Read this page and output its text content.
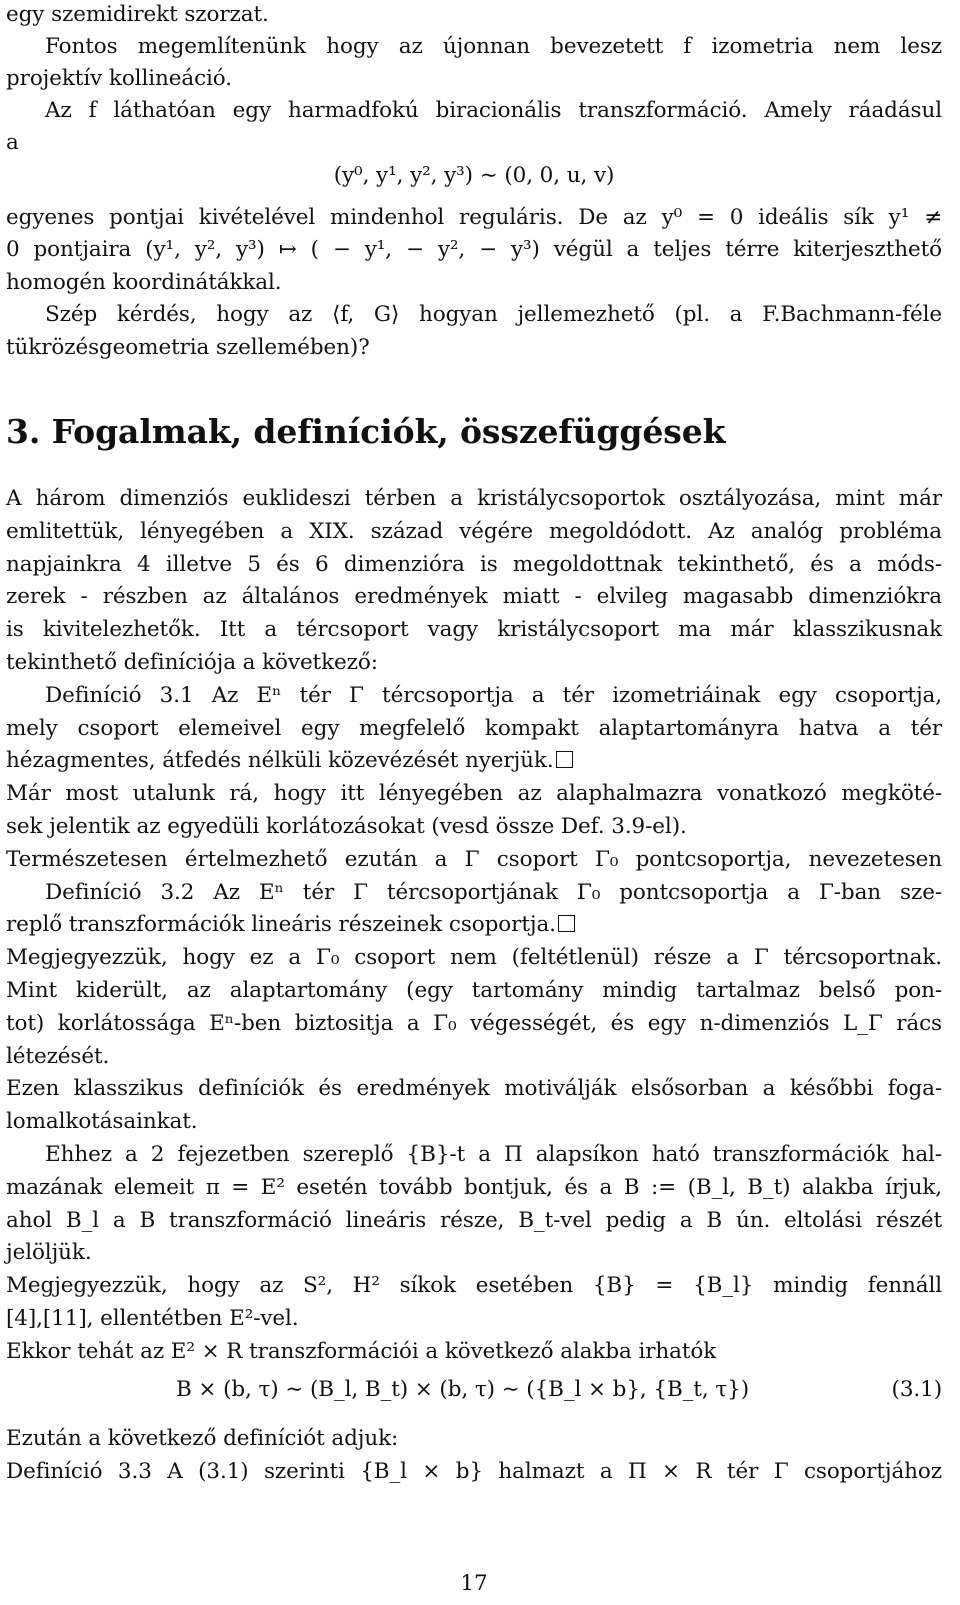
egy szemidirekt szorzat.
Fontos megemlítenünk hogy az újonnan bevezetett f izometria nem lesz
projektív kollineáció.
Az f láthatóan egy harmadfokú biracionális transzformáció. Amely ráadásul
a
(y⁰, y¹, y², y³) ∼ (0, 0, u, v)
egyenes pontjai kivételével mindenhol reguláris. De az y⁰ = 0 ideális sík y¹ ≠
0 pontjaira (y¹, y², y³) ↦ ( − y¹, − y², − y³) végül a teljes térre kiterjeszthető
homogén koordinátákkal.
Szép kérdés, hogy az ⟨f, G⟩ hogyan jellemezhető (pl. a F.Bachmann-féle
tükrözésgeometria szellemében)?
3. Fogalmak, definíciók, összefüggések
A három dimenziós euklideszi térben a kristálycsoportok osztályozása, mint már
emlitettük, lényegében a XIX. század végére megoldódott. Az analóg probléma
napjainkra 4 illetve 5 és 6 dimenzióra is megoldottnak tekinthető, és a móds-
zerek - részben az általános eredmények miatt - elvileg magasabb dimenziókra
is kivitelezhetők. Itt a tércsoport vagy kristálycsoport ma már klasszikusnak
tekinthető definíciója a következő:
Definíció 3.1 Az Eⁿ tér Γ tércsoportja a tér izometriáinak egy csoportja,
mely csoport elemeivel egy megfelelő kompakt alaptartományra hatva a tér
hézagmentes, átfedés nélküli közevézését nyerjük.
Már most utalunk rá, hogy itt lényegében az alaphalmazra vonatkozó megköté-
sek jelentik az egyedüli korlátozásokat (vesd össze Def. 3.9-el).
Természetesen értelmezhető ezután a Γ csoport Γ₀ pontcsoportja, nevezetesen
Definíció 3.2 Az Eⁿ tér Γ tércsoportjának Γ₀ pontcsoportja a Γ-ban sze-
replő transzformációk lineáris részeinek csoportja.
Megjegyezzük, hogy ez a Γ₀ csoport nem (feltétlenül) része a Γ tércsoportnak.
Mint kiderült, az alaptartomány (egy tartomány mindig tartalmaz belső pon-
tot) korlátossága Eⁿ-ben biztositja a Γ₀ végességét, és egy n-dimenziós L_Γ rács
létezését.
Ezen klasszikus definíciók és eredmények motiválják elsősorban a későbbi foga-
lomalkotásainkat.
Ehhez a 2 fejezetben szereplő {B}-t a Π alapsíkon ható transzformációk hal-
mazának elemeit π = E² esetén tovább bontjuk, és a B := (B_l, B_t) alakba írjuk,
ahol B_l a B transzformáció lineáris része, B_t-vel pedig a B ún. eltolási részét
jelöljük.
Megjegyezzük, hogy az S², H² síkok esetében {B} = {B_l} mindig fennáll
[4],[11], ellentétben E²-vel.
Ekkor tehát az E² × R transzformációi a következő alakba irhatók
B × (b, τ) ∼ (B_l, B_t) × (b, τ) ∼ ({B_l × b}, {B_t, τ})	(3.1)
Ezután a következő definíciót adjuk:
Definíció 3.3 A (3.1) szerinti {B_l × b} halmazt a Π × R tér Γ csoportjához
17
